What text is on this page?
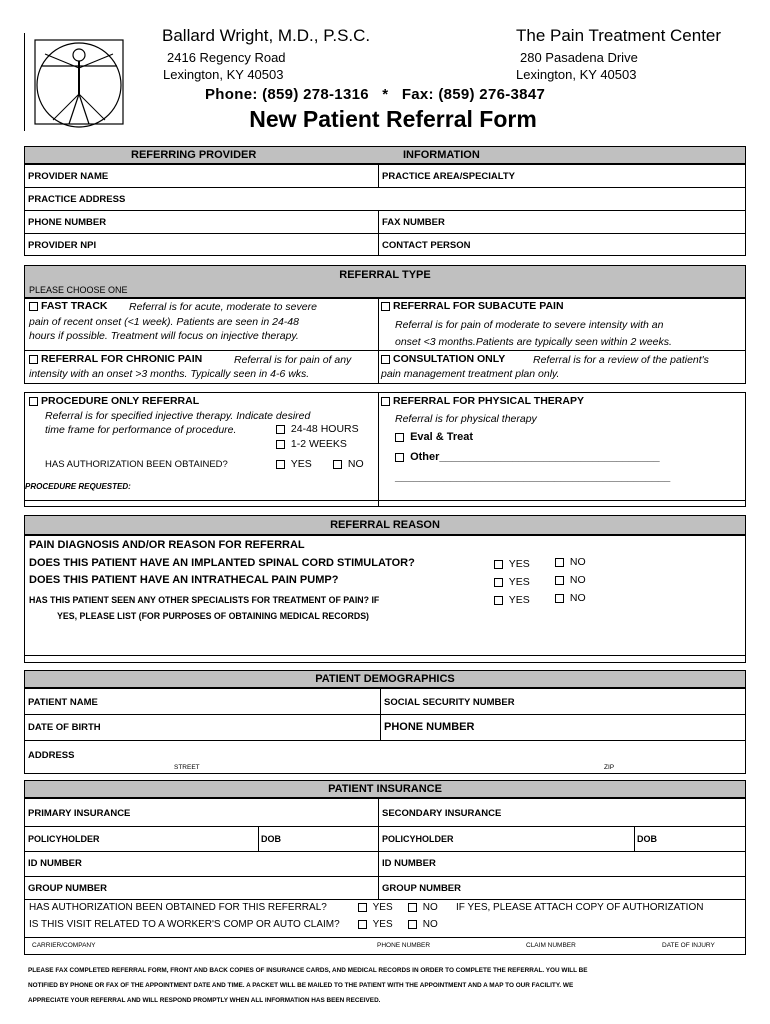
Ballard Wright, M.D., P.S.C.
2416 Regency Road
Lexington, KY 40503
The Pain Treatment Center
280 Pasadena Drive
Lexington, KY 40503
Phone: (859) 278-1316   *   Fax: (859) 276-3847
New Patient Referral Form
REFERRING PROVIDER	INFORMATION
PROVIDER NAME	PRACTICE AREA/SPECIALTY
PRACTICE ADDRESS
PHONE NUMBER	FAX NUMBER
PROVIDER NPI	CONTACT PERSON
REFERRAL TYPE
PLEASE CHOOSE ONE
FAST TRACK Referral is for acute, moderate to severe
pain of recent onset (<1 week). Patients are seen in 24-48
hours if possible. Treatment will focus on injective therapy.
REFERRAL FOR SUBACUTE PAIN
Referral is for pain of moderate to severe intensity with an
onset <3 months.Patients are typically seen within 2 weeks.
REFERRAL FOR CHRONIC PAIN	Referral is for pain of any
intensity with an onset >3 months. Typically seen in 4-6 wks.
CONSULTATION ONLY	Referral is for a review of the patient's
pain management treatment plan only.
PROCEDURE ONLY REFERRAL
Referral is for specified injective therapy. Indicate desired
time frame for performance of procedure.	24-48 HOURS
1-2 WEEKS
HAS AUTHORIZATION BEEN OBTAINED?	YES	NO
PROCEDURE REQUESTED:
REFERRAL FOR PHYSICAL THERAPY
Referral is for physical therapy
Eval & Treat
Other____________________________________
_____________________________________________
REFERRAL REASON
PAIN DIAGNOSIS AND/OR REASON FOR REFERRAL
DOES THIS PATIENT HAVE AN IMPLANTED SPINAL CORD STIMULATOR?	YES	NO
DOES THIS PATIENT HAVE AN INTRATHECAL PAIN PUMP?	YES	NO
HAS THIS PATIENT SEEN ANY OTHER SPECIALISTS FOR TREATMENT OF PAIN? IF
YES, PLEASE LIST (FOR PURPOSES OF OBTAINING MEDICAL RECORDS)
YES	NO
PATIENT DEMOGRAPHICS
PATIENT NAME	SOCIAL SECURITY NUMBER
DATE OF BIRTH	PHONE NUMBER
ADDRESS
STREET	ZIP
PATIENT INSURANCE
PRIMARY INSURANCE	SECONDARY INSURANCE
POLICYHOLDER	DOB	POLICYHOLDER	DOB
ID NUMBER	ID NUMBER
GROUP NUMBER	GROUP NUMBER
HAS AUTHORIZATION BEEN OBTAINED FOR THIS REFERRAL?	YES	NO IF YES, PLEASE ATTACH COPY OF AUTHORIZATION
IS THIS VISIT RELATED TO A WORKER'S COMP OR AUTO CLAIM?	YES	NO
CARRIER/COMPANY	PHONE NUMBER	CLAIM NUMBER	DATE OF INJURY
PLEASE FAX COMPLETED REFERRAL FORM, FRONT AND BACK COPIES OF INSURANCE CARDS, AND MEDICAL RECORDS IN ORDER TO COMPLETE THE REFERRAL. YOU WILL BE
NOTIFIED BY PHONE OR FAX OF THE APPOINTMENT DATE AND TIME. A PACKET WILL BE MAILED TO THE PATIENT WITH THE APPOINTMENT AND A MAP TO OUR FACILITY. WE
APPRECIATE YOUR REFERRAL AND WILL RESPOND PROMPTLY WHEN ALL INFORMATION HAS BEEN RECEIVED.
